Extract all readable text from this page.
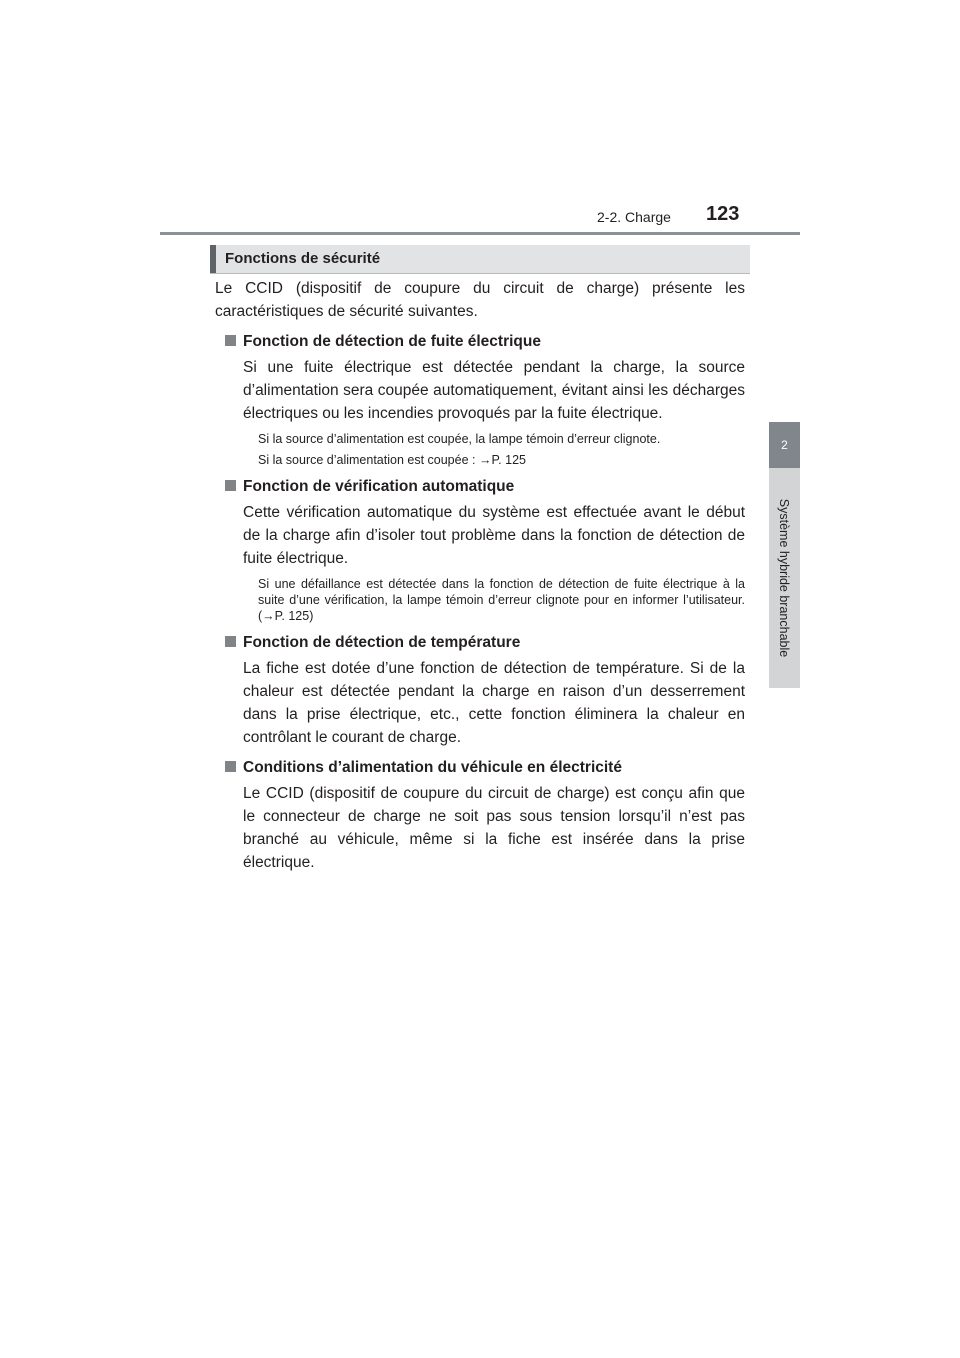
2-2. Charge 123
2
Système hybride branchable
Fonctions de sécurité

Le CCID (dispositif de coupure du circuit de charge) présente les caractéristiques de sécurité suivantes.

Fonction de détection de fuite électrique

Si une fuite électrique est détectée pendant la charge, la source d’alimentation sera coupée automatiquement, évitant ainsi les décharges électriques ou les incendies provoqués par la fuite électrique.

Si la source d’alimentation est coupée, la lampe témoin d’erreur clignote.

Si la source d’alimentation est coupée : →P. 125

Fonction de vérification automatique

Cette vérification automatique du système est effectuée avant le début de la charge afin d’isoler tout problème dans la fonction de détection de fuite électrique.

Si une défaillance est détectée dans la fonction de détection de fuite électrique à la suite d’une vérification, la lampe témoin d’erreur clignote pour en informer l’utilisateur. (→P. 125)

Fonction de détection de température

La fiche est dotée d’une fonction de détection de température. Si de la chaleur est détectée pendant la charge en raison d’un desserrement dans la prise électrique, etc., cette fonction éliminera la chaleur en contrôlant le courant de charge.

Conditions d’alimentation du véhicule en électricité

Le CCID (dispositif de coupure du circuit de charge) est conçu afin que le connecteur de charge ne soit pas sous tension lorsqu’il n’est pas branché au véhicule, même si la fiche est insérée dans la prise électrique.
